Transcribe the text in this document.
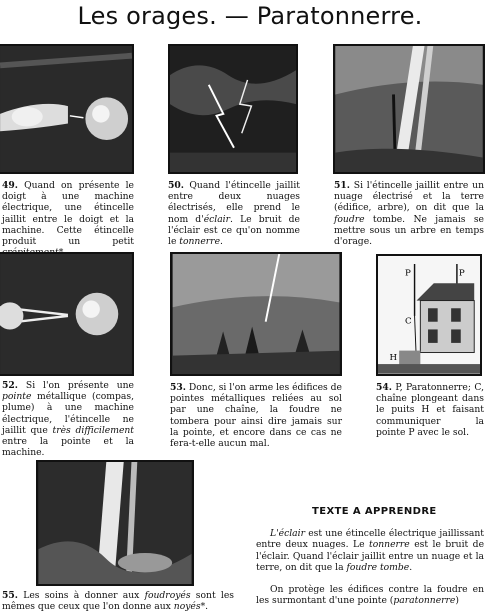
Les orages. — Paratonnerre.
49. Quand on présente le doigt à une machine électrique, une étincelle jaillit entre le doigt et la machine. Cette étincelle produit un petit
50. Quand l'étincelle jaillit entre deux nuages électrisés, elle prend le nom d'éclair. Le bruit de l'éclair est ce qu'on nomme le tonnerre.
51. Si l'étincelle jaillit entre un nuage électrisé et la terre (édifice, arbre), on dit que la foudre tombe. Ne jamais se mettre sous un arbre en temps d'orage.
P	P
C
H
52. Si l'on présente une pointe métallique (compas, plume) à une machine électrique, l'étincelle ne jaillit que très difficilement entre la pointe et la machine.
53. Donc, si l'on arme les édifices de pointes métalliques reliées au sol par une chaîne, la foudre ne tombera pour ainsi dire jamais sur la pointe, et encore dans ce cas ne fera-t-elle aucun mal.
54. P, Paratonnerre; C, chaîne plongeant dans le puits H et faisant communiquer la pointe P avec le sol.
55. Les soins à donner aux foudroyés sont les mêmes que ceux que l'on donne aux noyés*.
TEXTE A APPRENDRE
L'éclair est une étincelle électrique jaillissant entre deux nuages. Le tonnerre est le bruit de l'éclair. Quand l'éclair jaillit entre un nuage et la terre, on dit que la foudre tombe.
On protège les édifices contre la foudre en les surmontant d'une pointe (paratonnerre)
